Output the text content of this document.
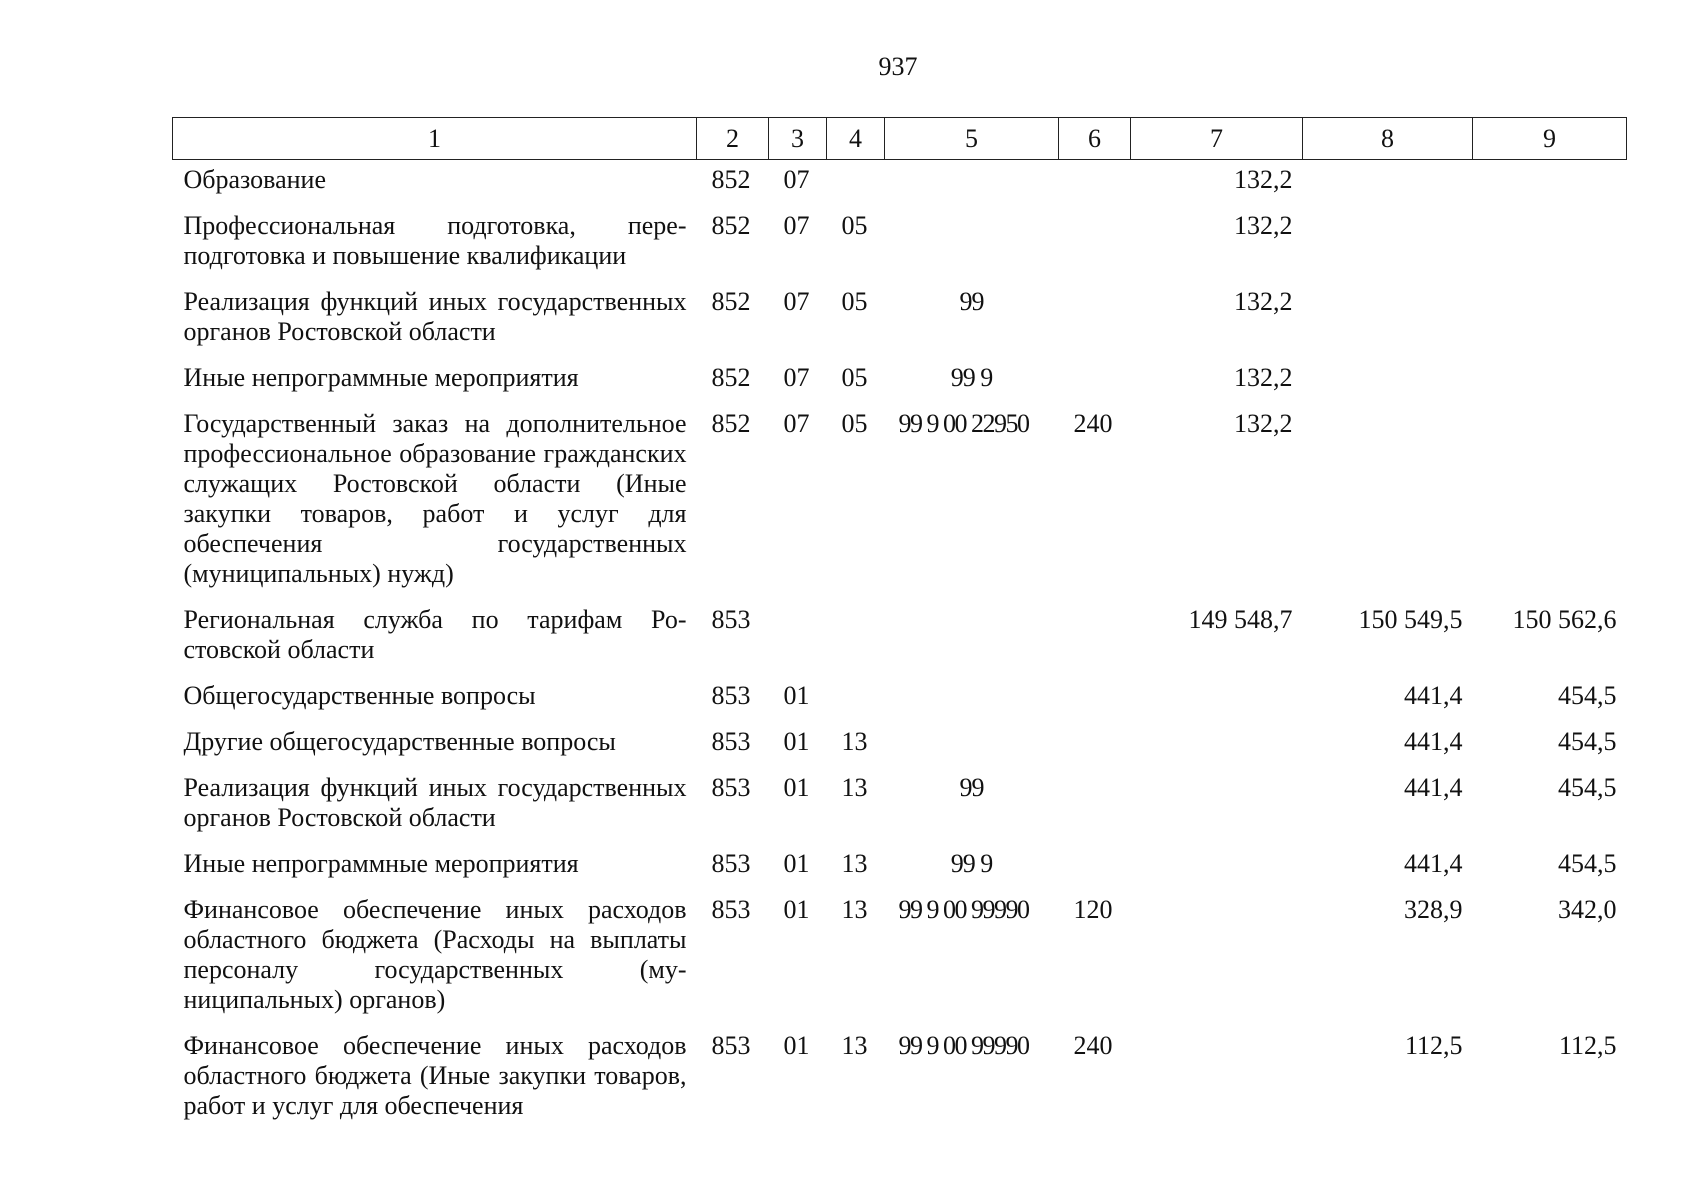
937
1	2	3	4	5	6	7	8	9
Образование	852	07				132,2		
Профессиональная подготовка, переподготовка и повышение квалификации	852	07	05			132,2		
Реализация функций иных государственных органов Ростовской области	852	07	05	99		132,2		
Иные непрограммные мероприятия	852	07	05	99 9		132,2		
Государственный заказ на дополнительное профессиональное образование гражданских служащих Ростовской области (Иные закупки товаров, работ и услуг для обеспечения государственных (муниципальных) нужд)	852	07	05	99 9 00 22950	240	132,2		
Региональная служба по тарифам Ростовской области	853					149 548,7	150 549,5	150 562,6
Общегосударственные вопросы	853	01					441,4	454,5
Другие общегосударственные вопросы	853	01	13				441,4	454,5
Реализация функций иных государственных органов Ростовской области	853	01	13	99			441,4	454,5
Иные непрограммные мероприятия	853	01	13	99 9			441,4	454,5
Финансовое обеспечение иных расходов областного бюджета (Расходы на выплаты персоналу государственных (муниципальных) органов)	853	01	13	99 9 00 99990	120		328,9	342,0
Финансовое обеспечение иных расходов областного бюджета (Иные закупки товаров, работ и услуг для обеспечения	853	01	13	99 9 00 99990	240		112,5	112,5
